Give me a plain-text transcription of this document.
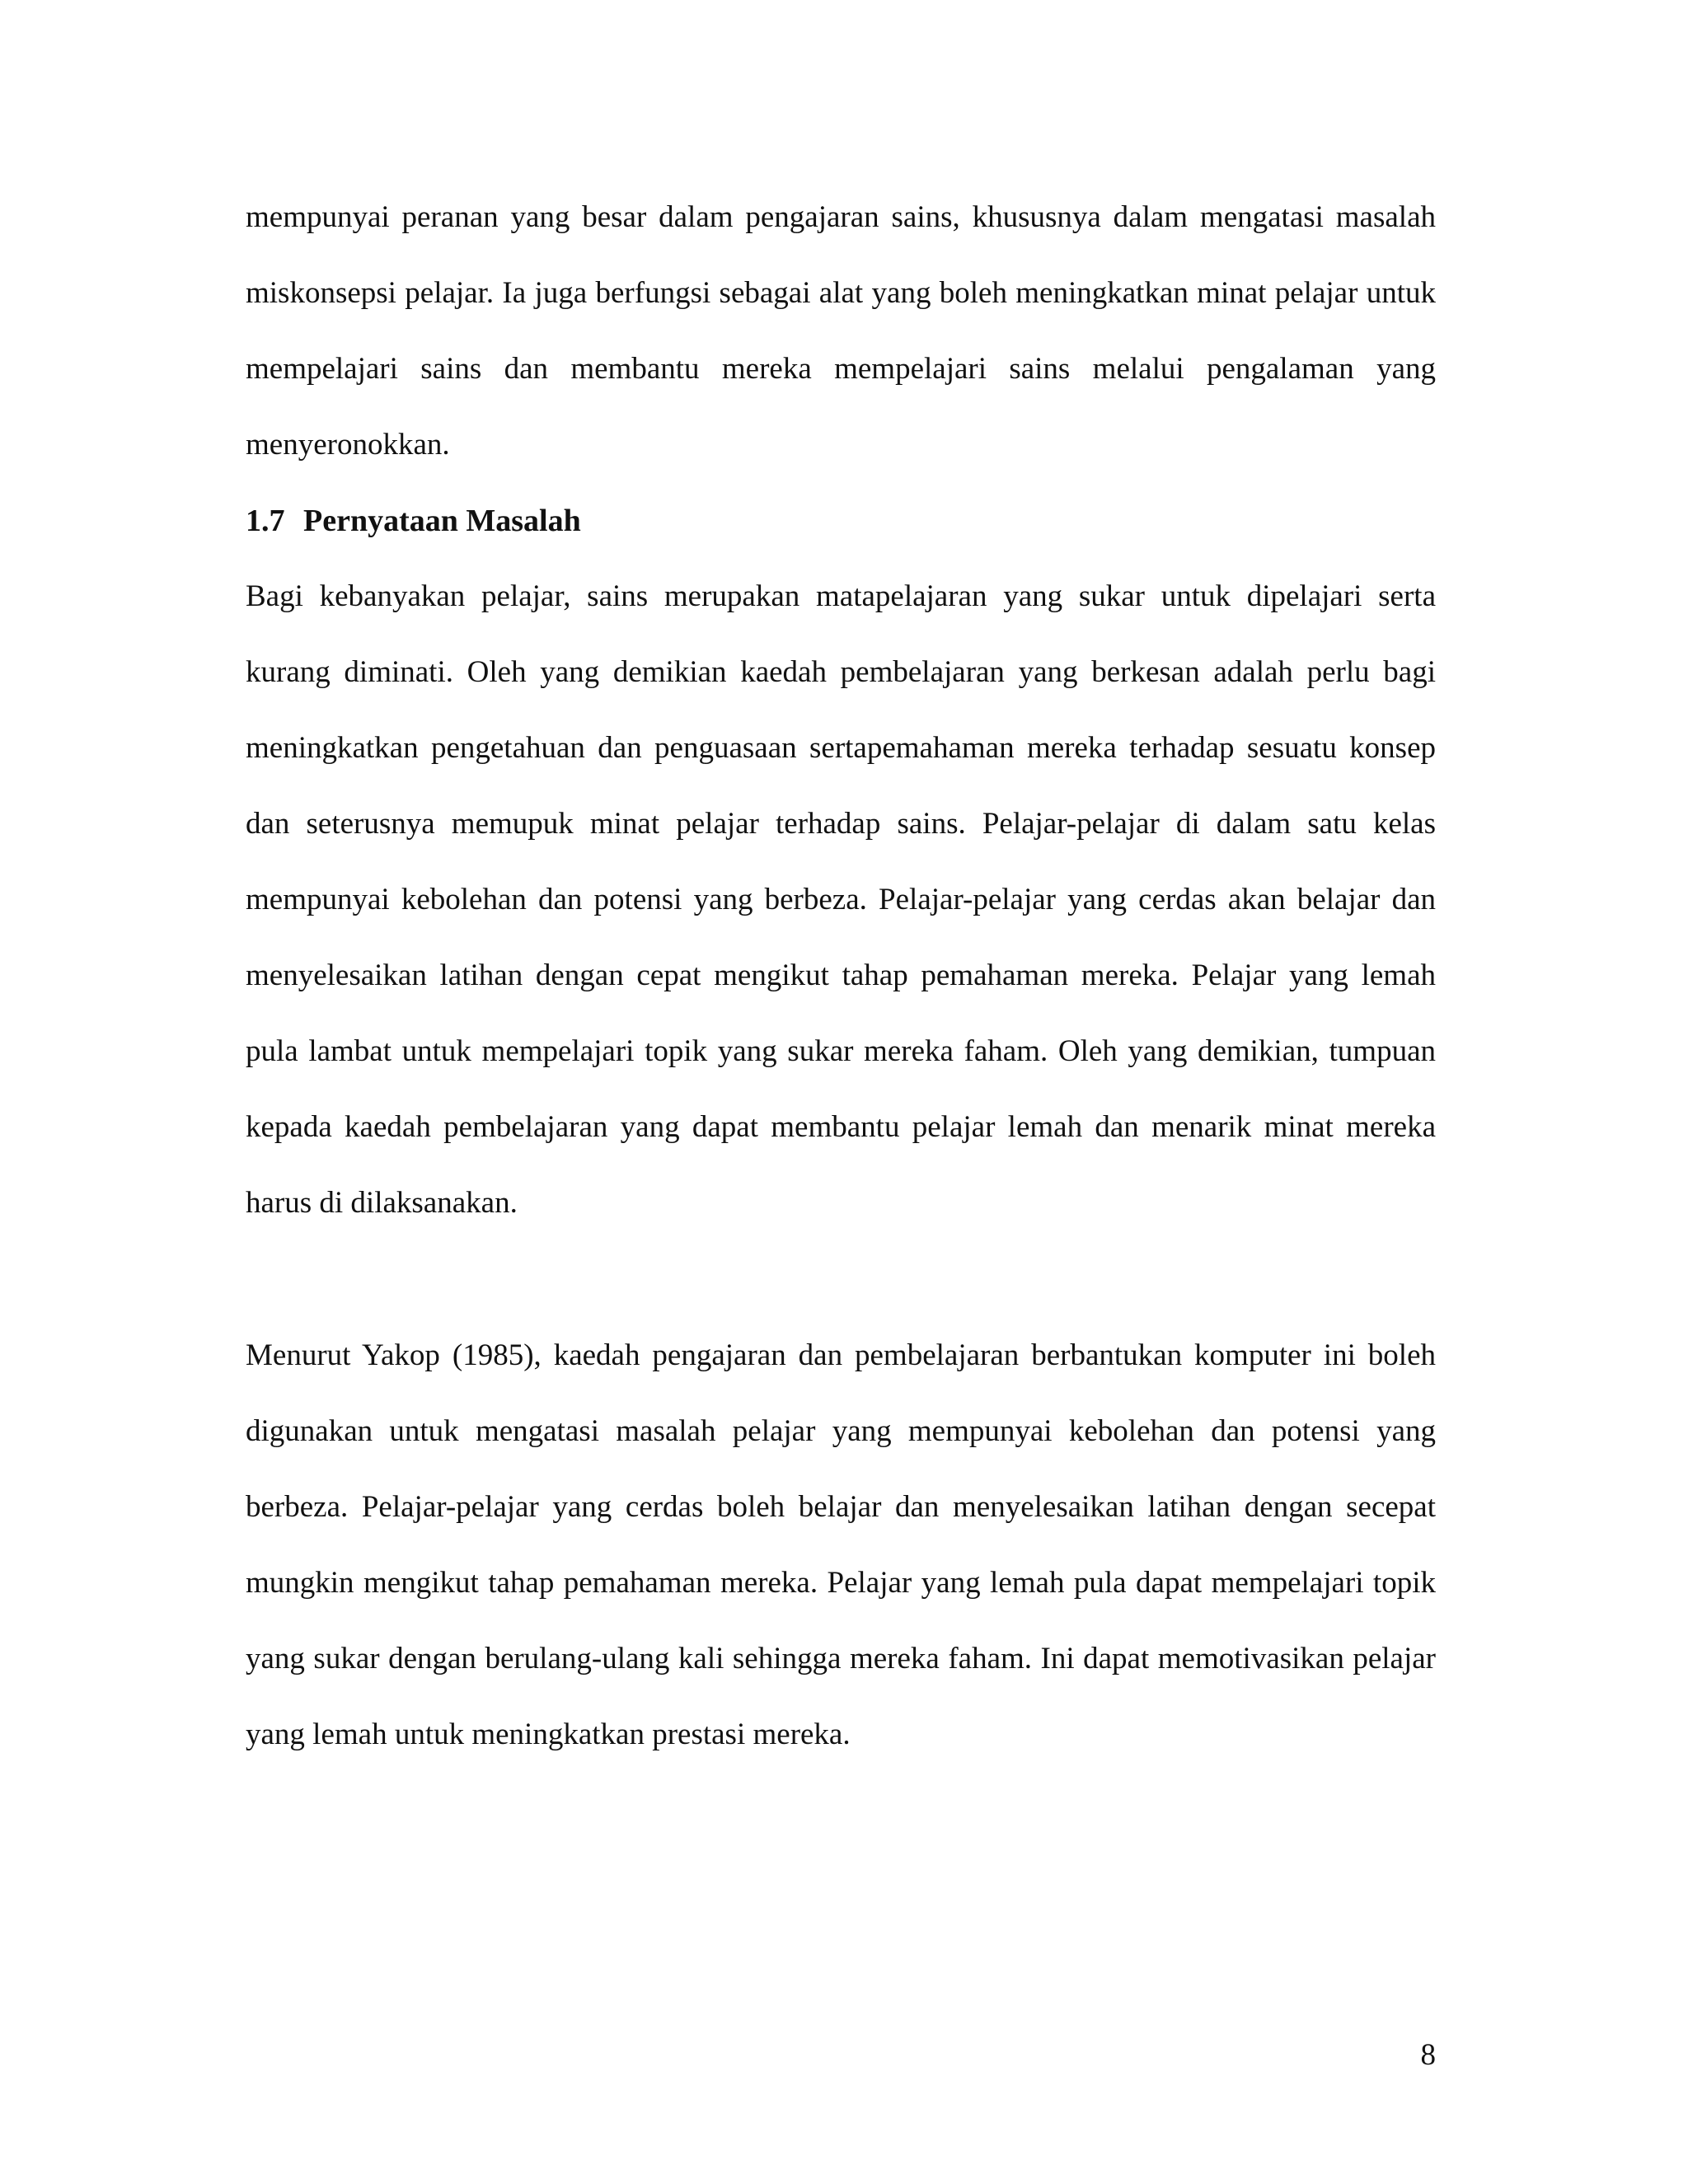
mempunyai peranan yang besar dalam pengajaran sains, khususnya dalam mengatasi masalah miskonsepsi pelajar. Ia juga berfungsi sebagai alat yang boleh meningkatkan minat pelajar untuk mempelajari sains dan membantu mereka mempelajari sains melalui pengalaman yang menyeronokkan.

1.7 Pernyataan Masalah

Bagi kebanyakan pelajar, sains merupakan matapelajaran yang sukar untuk dipelajari serta kurang diminati. Oleh yang demikian kaedah pembelajaran yang berkesan adalah perlu bagi meningkatkan pengetahuan dan penguasaan sertapemahaman mereka terhadap sesuatu konsep dan seterusnya memupuk minat pelajar terhadap sains. Pelajar-pelajar di dalam satu kelas mempunyai kebolehan dan potensi yang berbeza. Pelajar-pelajar yang cerdas akan belajar dan menyelesaikan latihan dengan cepat mengikut tahap pemahaman mereka. Pelajar yang lemah pula lambat untuk mempelajari topik yang sukar mereka faham. Oleh yang demikian, tumpuan kepada kaedah pembelajaran yang dapat membantu pelajar lemah dan menarik minat mereka harus di dilaksanakan.

Menurut Yakop (1985), kaedah pengajaran dan pembelajaran berbantukan komputer ini boleh digunakan untuk mengatasi masalah pelajar yang mempunyai kebolehan dan potensi yang berbeza. Pelajar-pelajar yang cerdas boleh belajar dan menyelesaikan latihan dengan secepat mungkin mengikut tahap pemahaman mereka. Pelajar yang lemah pula dapat mempelajari topik yang sukar dengan berulang-ulang kali sehingga mereka faham. Ini dapat memotivasikan pelajar yang lemah untuk meningkatkan prestasi mereka.

8
